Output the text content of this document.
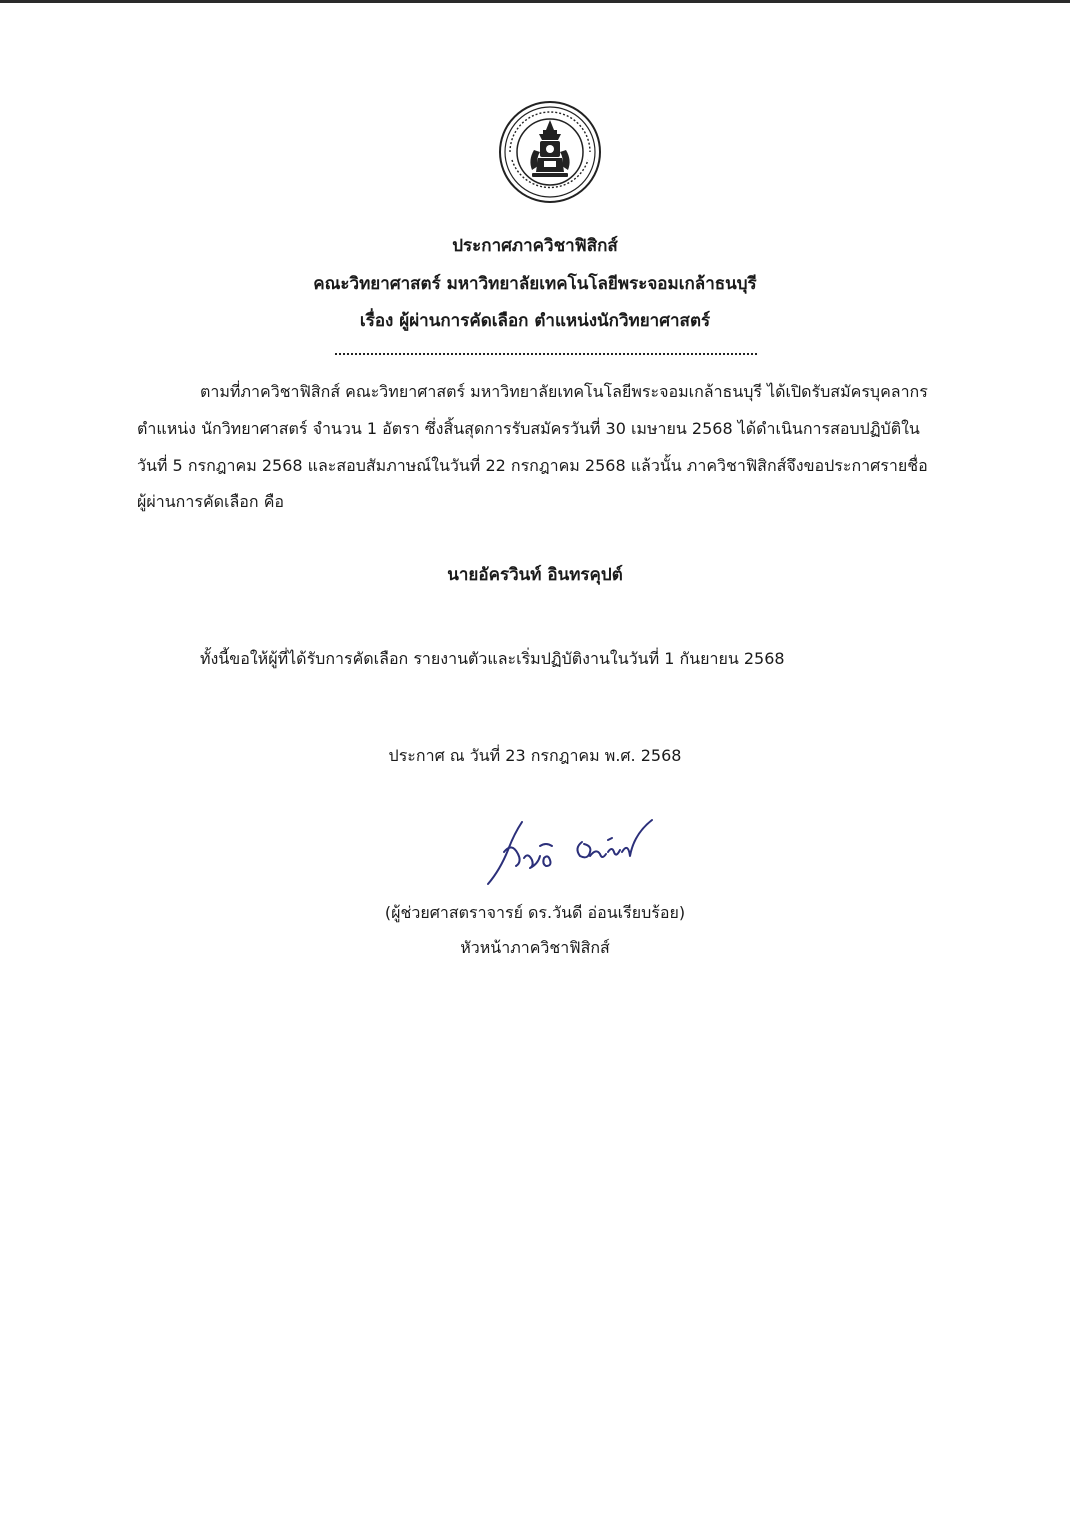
ประกาศภาควิชาฟิสิกส์
คณะวิทยาศาสตร์ มหาวิทยาลัยเทคโนโลยีพระจอมเกล้าธนบุรี
เรื่อง ผู้ผ่านการคัดเลือก ตำแหน่งนักวิทยาศาสตร์
ตามที่ภาควิชาฟิสิกส์ คณะวิทยาศาสตร์ มหาวิทยาลัยเทคโนโลยีพระจอมเกล้าธนบุรี ได้เปิดรับสมัครบุคลากร
ตำแหน่ง นักวิทยาศาสตร์ จำนวน 1 อัตรา ซึ่งสิ้นสุดการรับสมัครวันที่ 30 เมษายน 2568 ได้ดำเนินการสอบปฏิบัติใน
วันที่ 5 กรกฎาคม 2568 และสอบสัมภาษณ์ในวันที่ 22 กรกฎาคม 2568 แล้วนั้น ภาควิชาฟิสิกส์จึงขอประกาศรายชื่อ
ผู้ผ่านการคัดเลือก คือ
นายอัครวินท์ อินทรคุปต์
ทั้งนี้ขอให้ผู้ที่ได้รับการคัดเลือก รายงานตัวและเริ่มปฏิบัติงานในวันที่ 1 กันยายน 2568
ประกาศ ณ วันที่ 23 กรกฎาคม พ.ศ. 2568
(ผู้ช่วยศาสตราจารย์ ดร.วันดี อ่อนเรียบร้อย)
หัวหน้าภาควิชาฟิสิกส์
